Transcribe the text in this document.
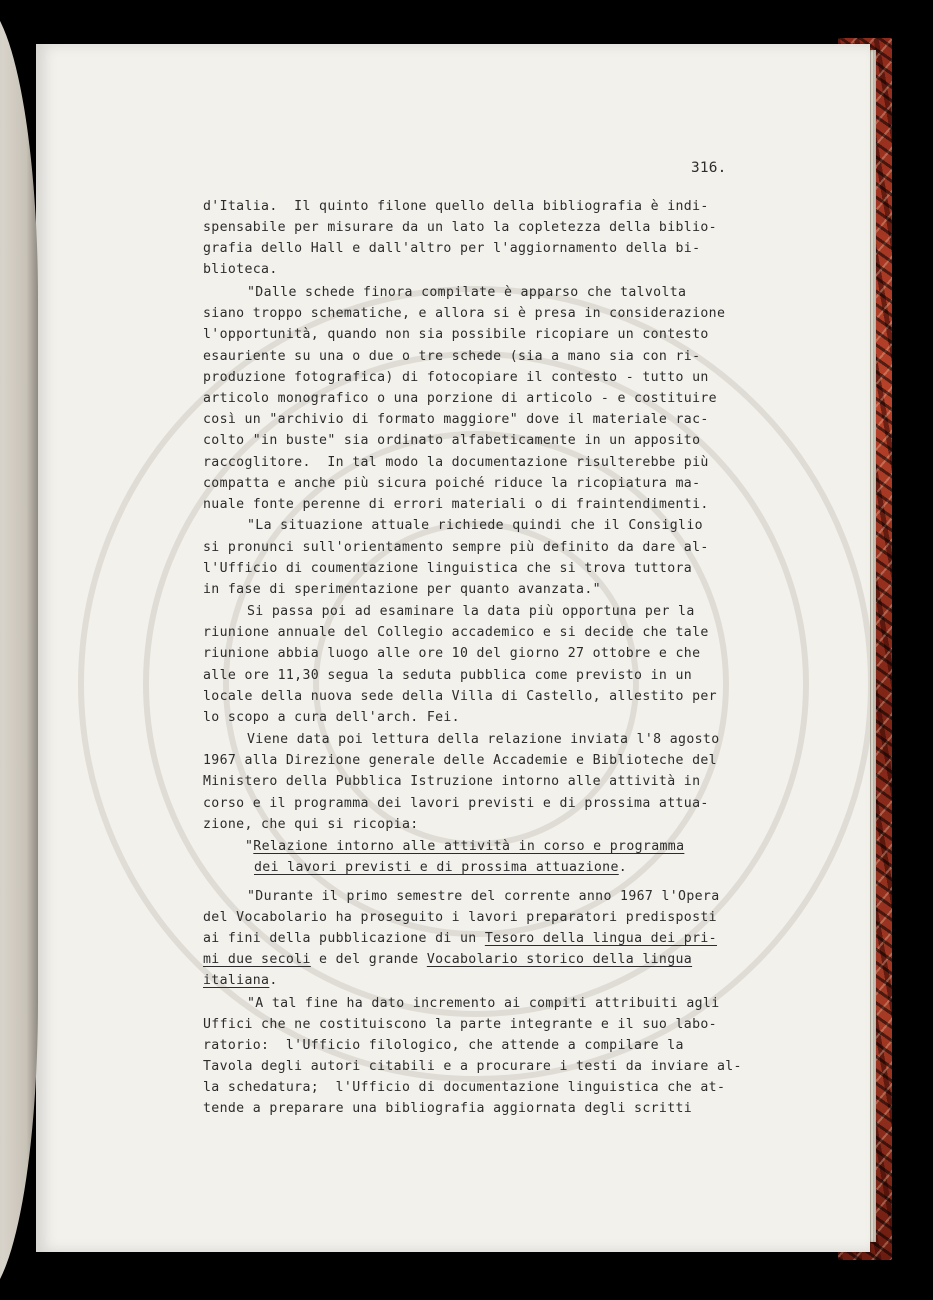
316.
d'Italia.  Il quinto filone quello della bibliografia è indi-
spensabile per misurare da un lato la copletezza della biblio-
grafia dello Hall e dall'altro per l'aggiornamento della bi-
blioteca.
"Dalle schede finora compilate è apparso che talvolta
siano troppo schematiche, e allora si è presa in considerazione
l'opportunità, quando non sia possibile ricopiare un contesto
esauriente su una o due o tre schede (sia a mano sia con ri-
produzione fotografica) di fotocopiare il contesto - tutto un
articolo monografico o una porzione di articolo - e costituire
così un "archivio di formato maggiore" dove il materiale rac-
colto "in buste" sia ordinato alfabeticamente in un apposito
raccoglitore.  In tal modo la documentazione risulterebbe più
compatta e anche più sicura poiché riduce la ricopiatura ma-
nuale fonte perenne di errori materiali o di fraintendimenti.
"La situazione attuale richiede quindi che il Consiglio
si pronunci sull'orientamento sempre più definito da dare al-
l'Ufficio di coumentazione linguistica che si trova tuttora
in fase di sperimentazione per quanto avanzata."
Si passa poi ad esaminare la data più opportuna per la
riunione annuale del Collegio accademico e si decide che tale
riunione abbia luogo alle ore 10 del giorno 27 ottobre e che
alle ore 11,30 segua la seduta pubblica come previsto in un
locale della nuova sede della Villa di Castello, allestito per
lo scopo a cura dell'arch. Fei.
Viene data poi lettura della relazione inviata l'8 agosto
1967 alla Direzione generale delle Accademie e Biblioteche del
Ministero della Pubblica Istruzione intorno alle attività in
corso e il programma dei lavori previsti e di prossima attua-
zione, che qui si ricopia:
"Relazione intorno alle attività in corso e programma
dei lavori previsti e di prossima attuazione.
"Durante il primo semestre del corrente anno 1967 l'Opera
del Vocabolario ha proseguito i lavori preparatori predisposti
ai fini della pubblicazione di un Tesoro della lingua dei pri-
mi due secoli e del grande Vocabolario storico della lingua
italiana.
"A tal fine ha dato incremento ai compiti attribuiti agli
Uffici che ne costituiscono la parte integrante e il suo labo-
ratorio:  l'Ufficio filologico, che attende a compilare la
Tavola degli autori citabili e a procurare i testi da inviare al-
la schedatura;  l'Ufficio di documentazione linguistica che at-
tende a preparare una bibliografia aggiornata degli scritti
